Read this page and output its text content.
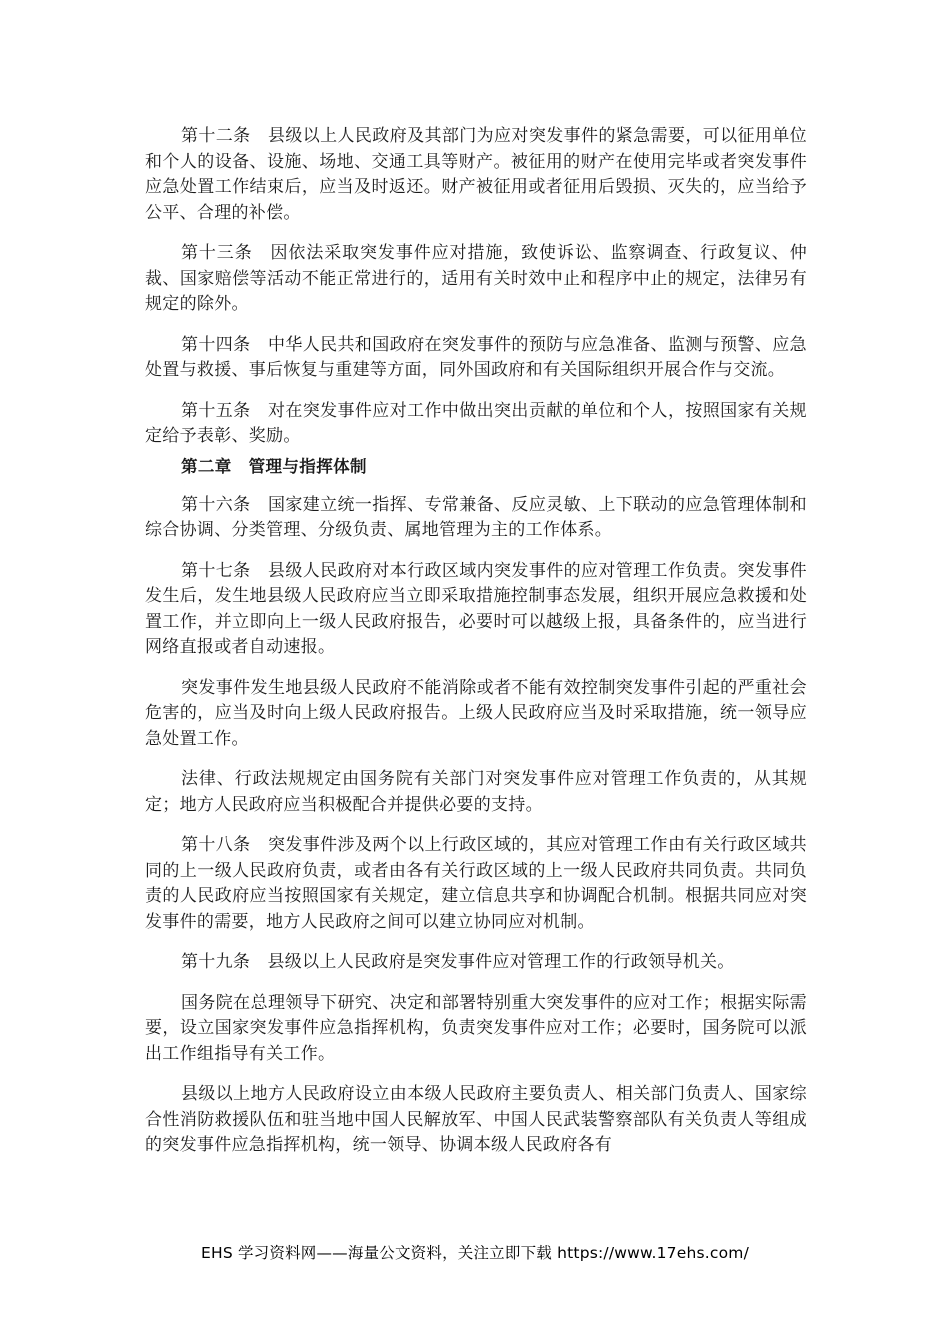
第十二条　县级以上人民政府及其部门为应对突发事件的紧急需要，可以征用单位和个人的设备、设施、场地、交通工具等财产。被征用的财产在使用完毕或者突发事件应急处置工作结束后，应当及时返还。财产被征用或者征用后毁损、灭失的，应当给予公平、合理的补偿。

第十三条　因依法采取突发事件应对措施，致使诉讼、监察调查、行政复议、仲裁、国家赔偿等活动不能正常进行的，适用有关时效中止和程序中止的规定，法律另有规定的除外。

第十四条　中华人民共和国政府在突发事件的预防与应急准备、监测与预警、应急处置与救援、事后恢复与重建等方面，同外国政府和有关国际组织开展合作与交流。

第十五条　对在突发事件应对工作中做出突出贡献的单位和个人，按照国家有关规定给予表彰、奖励。

第二章　管理与指挥体制

第十六条　国家建立统一指挥、专常兼备、反应灵敏、上下联动的应急管理体制和综合协调、分类管理、分级负责、属地管理为主的工作体系。

第十七条　县级人民政府对本行政区域内突发事件的应对管理工作负责。突发事件发生后，发生地县级人民政府应当立即采取措施控制事态发展，组织开展应急救援和处置工作，并立即向上一级人民政府报告，必要时可以越级上报，具备条件的，应当进行网络直报或者自动速报。

突发事件发生地县级人民政府不能消除或者不能有效控制突发事件引起的严重社会危害的，应当及时向上级人民政府报告。上级人民政府应当及时采取措施，统一领导应急处置工作。

法律、行政法规规定由国务院有关部门对突发事件应对管理工作负责的，从其规定；地方人民政府应当积极配合并提供必要的支持。

第十八条　突发事件涉及两个以上行政区域的，其应对管理工作由有关行政区域共同的上一级人民政府负责，或者由各有关行政区域的上一级人民政府共同负责。共同负责的人民政府应当按照国家有关规定，建立信息共享和协调配合机制。根据共同应对突发事件的需要，地方人民政府之间可以建立协同应对机制。

第十九条　县级以上人民政府是突发事件应对管理工作的行政领导机关。

国务院在总理领导下研究、决定和部署特别重大突发事件的应对工作；根据实际需要，设立国家突发事件应急指挥机构，负责突发事件应对工作；必要时，国务院可以派出工作组指导有关工作。

县级以上地方人民政府设立由本级人民政府主要负责人、相关部门负责人、国家综合性消防救援队伍和驻当地中国人民解放军、中国人民武装警察部队有关负责人等组成的突发事件应急指挥机构，统一领导、协调本级人民政府各有

EHS 学习资料网——海量公文资料，关注立即下载 https://www.17ehs.com/
